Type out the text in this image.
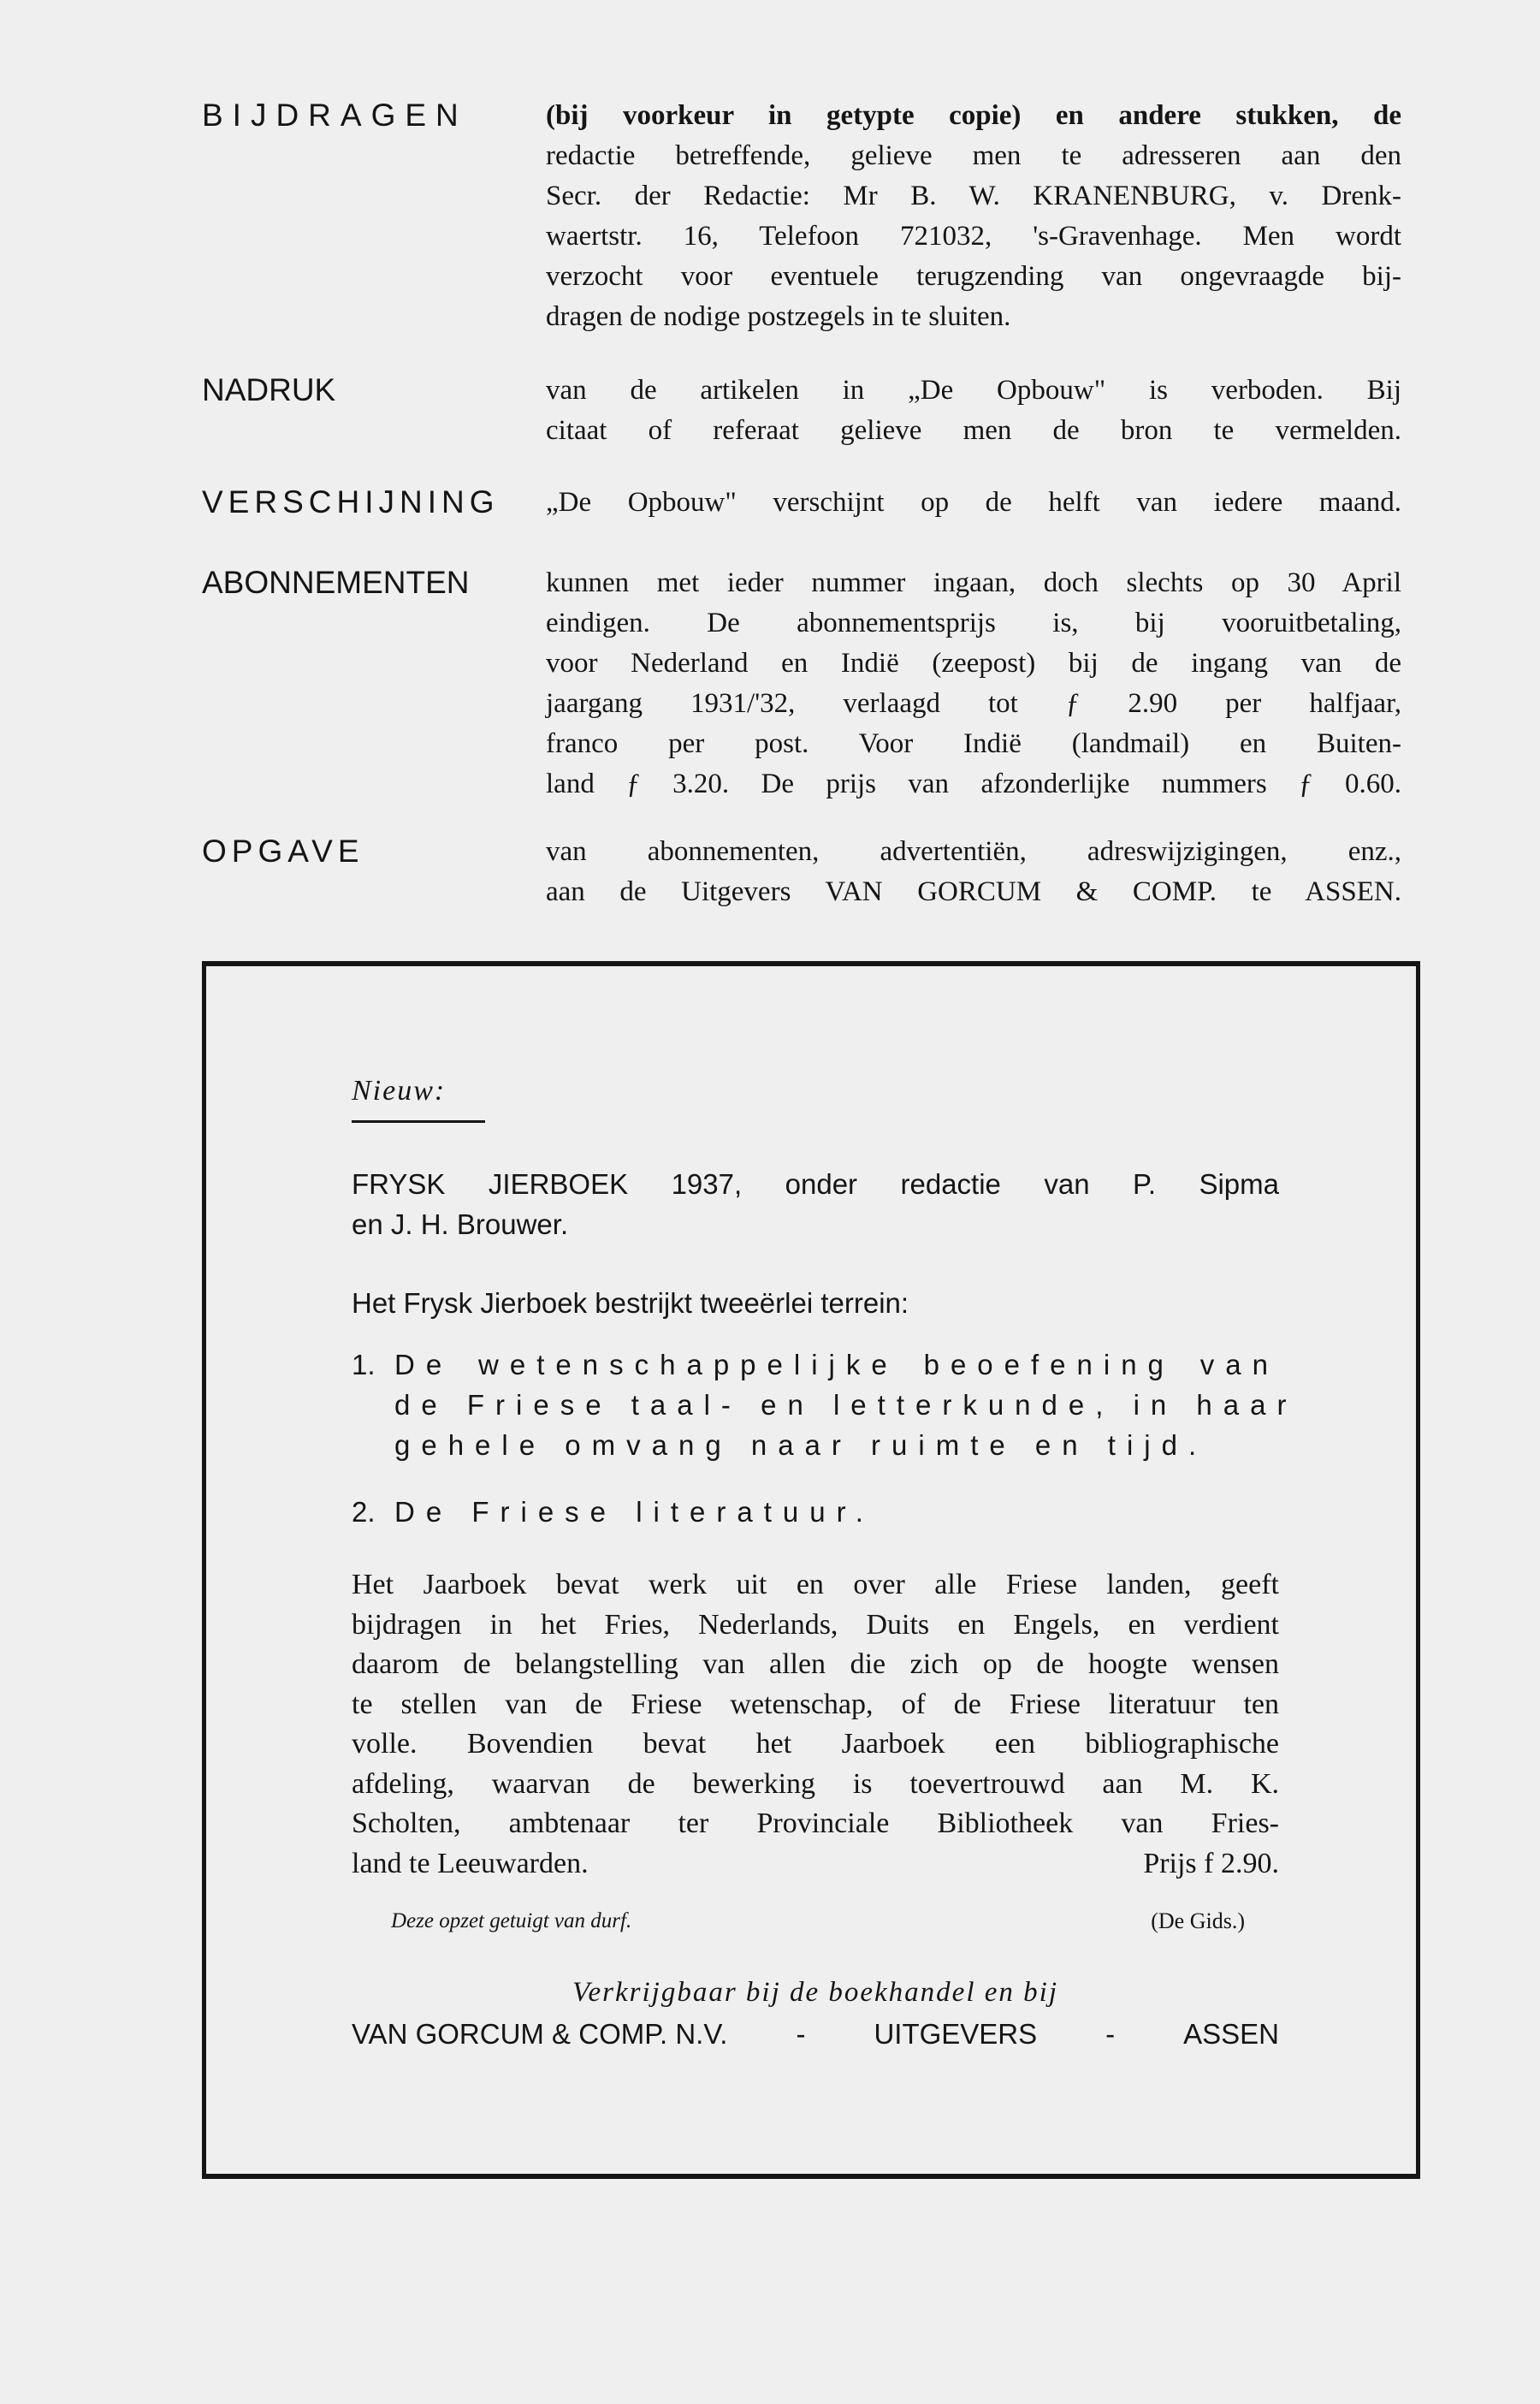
BIJDRAGEN	(bij voorkeur in getypte copie) en andere stukken, de
redactie betreffende, gelieve men te adresseren aan den
Secr. der Redactie: Mr B. W. KRANENBURG, v. Drenk-
waertstr. 16, Telefoon 721032, 's-Gravenhage. Men wordt
verzocht voor eventuele terugzending van ongevraagde bij-
dragen de nodige postzegels in te sluiten.
NADRUK	van de artikelen in „De Opbouw" is verboden. Bij
citaat of referaat gelieve men de bron te vermelden.
VERSCHIJNING „De Opbouw" verschijnt op de helft van iedere maand.
ABONNEMENTEN	kunnen met ieder nummer ingaan, doch slechts op 30 April
eindigen. De abonnementsprijs is, bij vooruitbetaling,
voor Nederland en Indië (zeepost) bij de ingang van de
jaargang 1931/'32, verlaagd tot ƒ 2.90 per halfjaar,
franco per post. Voor Indië (landmail) en Buiten-
land ƒ 3.20. De prijs van afzonderlijke nummers ƒ 0.60.
OPGAVE	van abonnementen, advertentiën, adreswijzigingen, enz.,
aan de Uitgevers VAN GORCUM & COMP. te ASSEN.
Nieuw:
FRYSK JIERBOEK 1937, onder redactie van P. Sipma
en J. H. Brouwer.
Het Frysk Jierboek bestrijkt tweeërlei terrein:
1. De wetenschappelijke beoefening van
de Friese taal- en letterkunde, in haar
gehele omvang naar ruimte en tijd.
2. De Friese literatuur.
Het Jaarboek bevat werk uit en over alle Friese landen, geeft
bijdragen in het Fries, Nederlands, Duits en Engels, en verdient
daarom de belangstelling van allen die zich op de hoogte wensen
te stellen van de Friese wetenschap, of de Friese literatuur ten
volle. Bovendien bevat het Jaarboek een bibliographische
afdeling, waarvan de bewerking is toevertrouwd aan M. K.
Scholten, ambtenaar ter Provinciale Bibliotheek van Fries-
land te Leeuwarden.	Prijs f 2.90.
Deze opzet getuigt van durf.	(De Gids.)
Verkrijgbaar bij de boekhandel en bij
VAN GORCUM & COMP. N.V. - UITGEVERS - ASSEN
